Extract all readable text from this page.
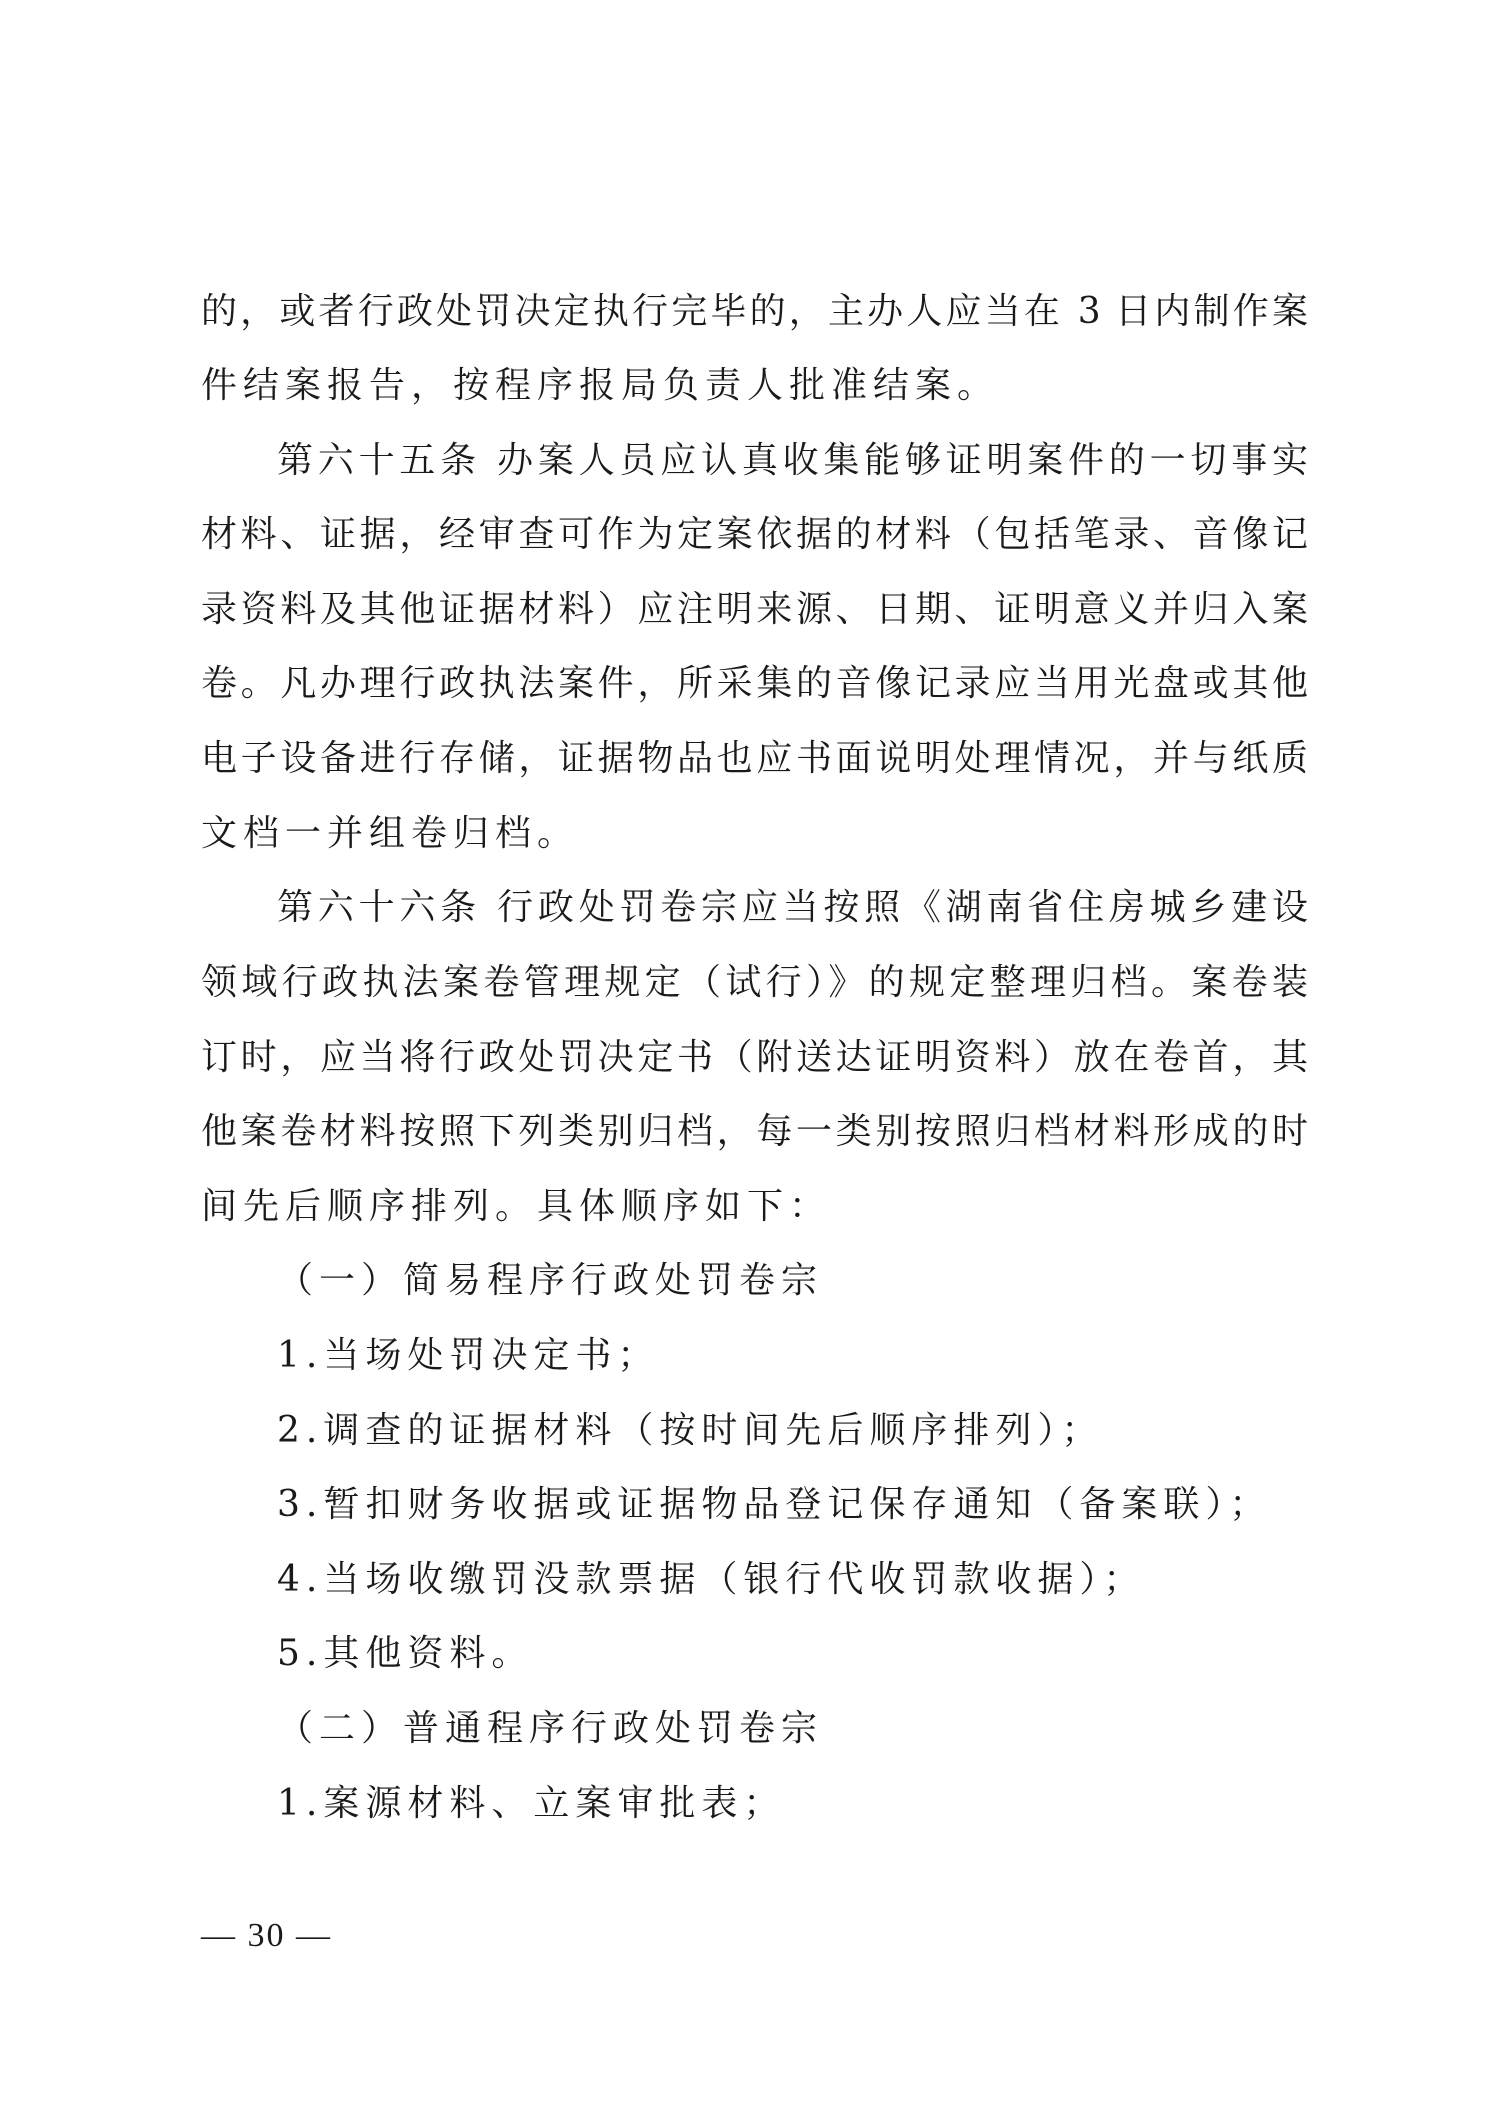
的，或者行政处罚决定执行完毕的，主办人应当在 3 日内制作案
件结案报告，按程序报局负责人批准结案。
第六十五条 办案人员应认真收集能够证明案件的一切事实
材料、证据，经审查可作为定案依据的材料（包括笔录、音像记
录资料及其他证据材料）应注明来源、日期、证明意义并归入案
卷。凡办理行政执法案件，所采集的音像记录应当用光盘或其他
电子设备进行存储，证据物品也应书面说明处理情况，并与纸质
文档一并组卷归档。
第六十六条 行政处罚卷宗应当按照《湖南省住房城乡建设
领域行政执法案卷管理规定（试行）》的规定整理归档。案卷装
订时，应当将行政处罚决定书（附送达证明资料）放在卷首，其
他案卷材料按照下列类别归档，每一类别按照归档材料形成的时
间先后顺序排列。具体顺序如下：
（一）简易程序行政处罚卷宗
1.当场处罚决定书；
2.调查的证据材料（按时间先后顺序排列）；
3.暂扣财务收据或证据物品登记保存通知（备案联）；
4.当场收缴罚没款票据（银行代收罚款收据）；
5.其他资料。
（二）普通程序行政处罚卷宗
1.案源材料、立案审批表；
— 30 —
